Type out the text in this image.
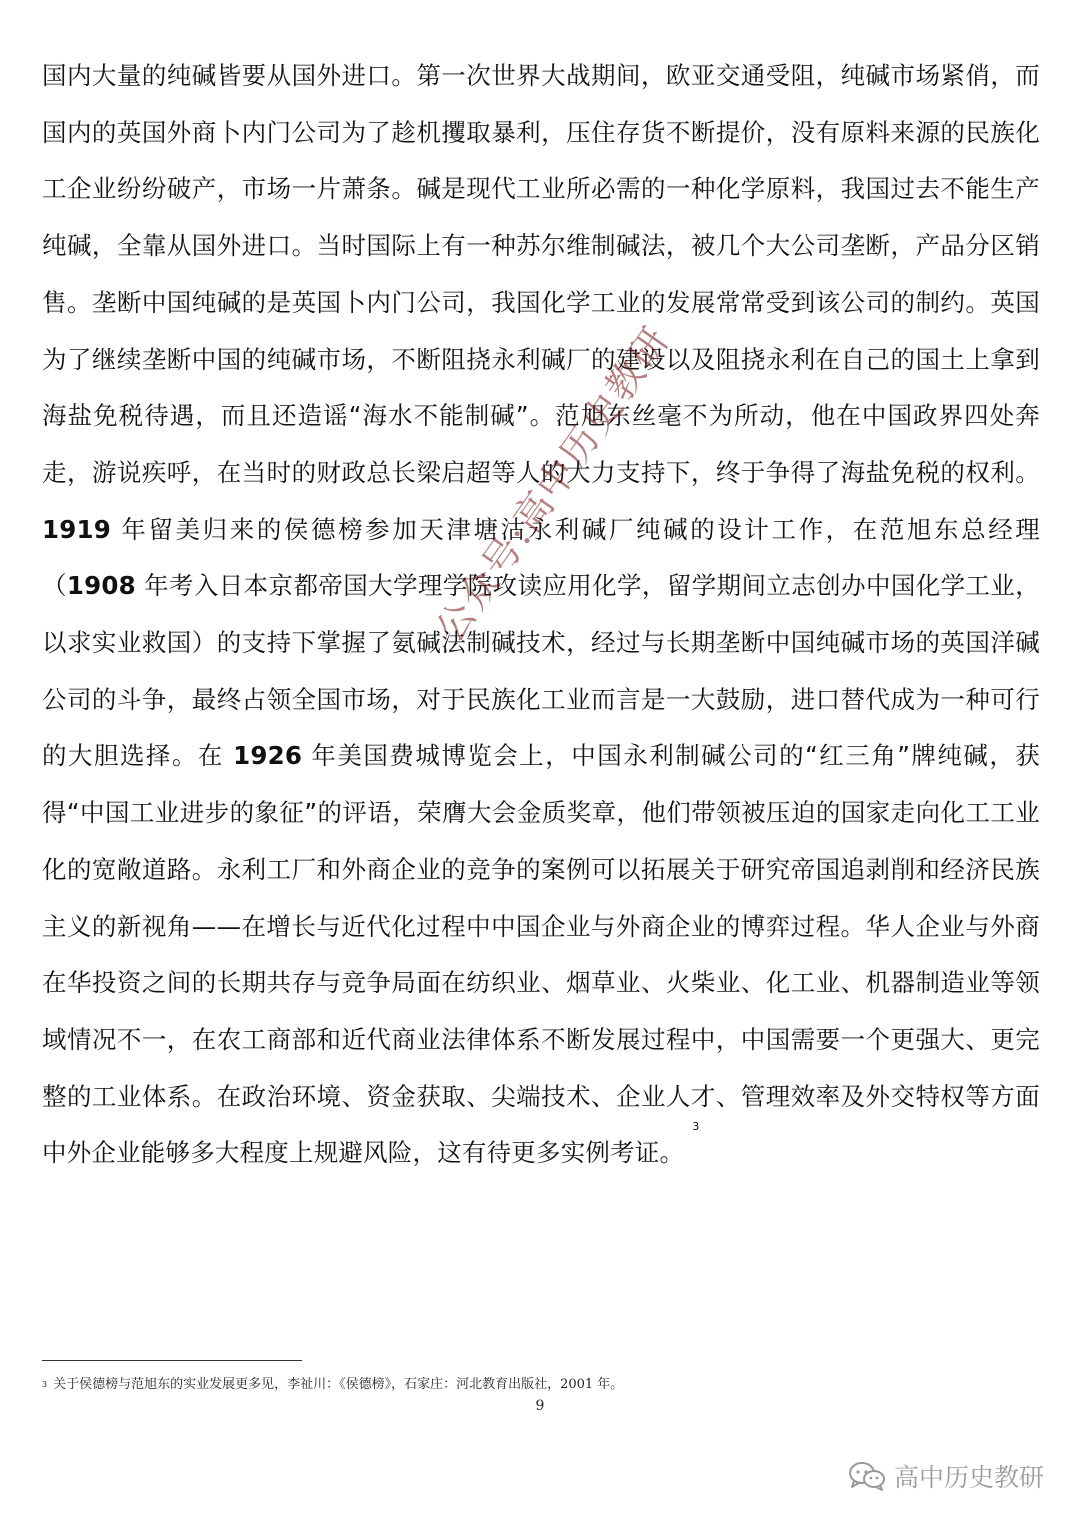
国内大量的纯碱皆要从国外进口。第一次世界大战期间，欧亚交通受阻，纯碱市场紧俏，而国内的英国外商卜内门公司为了趁机攫取暴利，压住存货不断提价，没有原料来源的民族化工企业纷纷破产，市场一片萧条。碱是现代工业所必需的一种化学原料，我国过去不能生产纯碱，全靠从国外进口。当时国际上有一种苏尔维制碱法，被几个大公司垄断，产品分区销售。垄断中国纯碱的是英国卜内门公司，我国化学工业的发展常常受到该公司的制约。英国为了继续垄断中国的纯碱市场，不断阻挠永利碱厂的建设以及阻挠永利在自己的国土上拿到海盐免税待遇，而且还造谣“海水不能制碱”。范旭东丝毫不为所动，他在中国政界四处奔走，游说疾呼，在当时的财政总长梁启超等人的大力支持下，终于争得了海盐免税的权利。1919 年留美归来的侯德榜参加天津塘沽永利碱厂纯碱的设计工作，在范旭东总经理（1908 年考入日本京都帝国大学理学院攻读应用化学，留学期间立志创办中国化学工业，以求实业救国）的支持下掌握了氨碱法制碱技术，经过与长期垄断中国纯碱市场的英国洋碱公司的斗争，最终占领全国市场，对于民族化工业而言是一大鼓励，进口替代成为一种可行的大胆选择。在 1926 年美国费城博览会上，中国永利制碱公司的“红三角”牌纯碱，获得“中国工业进步的象征”的评语，荣膺大会金质奖章，他们带领被压迫的国家走向化工工业化的宽敞道路。永利工厂和外商企业的竞争的案例可以拓展关于研究帝国追剥削和经济民族主义的新视角——在增长与近代化过程中中国企业与外商企业的博弈过程。华人企业与外商在华投资之间的长期共存与竞争局面在纺织业、烟草业、火柴业、化工业、机器制造业等领域情况不一，在农工商部和近代商业法律体系不断发展过程中，中国需要一个更强大、更完整的工业体系。在政治环境、资金获取、尖端技术、企业人才、管理效率及外交特权等方面中外企业能够多大程度上规避风险，这有待更多实例考证。$^3$
公众号:高中历史教研
$^3$ 关于侯德榜与范旭东的实业发展更多见，李祉川：《侯德榜》，石家庄：河北教育出版社，2001 年。
9
高中历史教研
